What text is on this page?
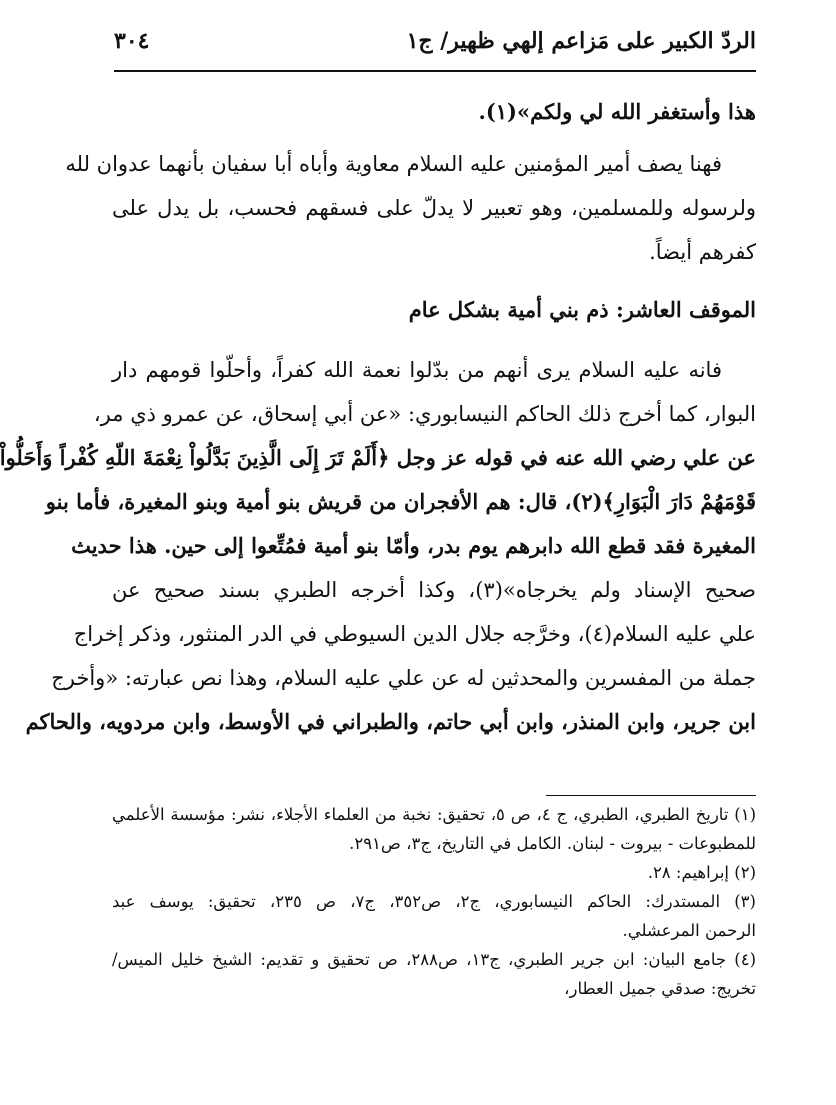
الردّ الكبير على مَزاعم إلهي ظهير/ ج١
٣٠٤
هذا وأستغفر الله لي ولكم»(١).
فهنا يصف أمير المؤمنين عليه السلام معاوية وأباه أبا سفيان بأنهما عدوان لله
ولرسوله وللمسلمين، وهو تعبير لا يدلّ على فسقهم فحسب، بل يدل على
كفرهم أيضاً.
الموقف العاشر: ذم بني أمية بشكل عام
فانه عليه السلام يرى أنهم من بدّلوا نعمة الله كفراً، وأحلّوا قومهم دار
البوار، كما أخرج ذلك الحاكم النيسابوري: «عن أبي إسحاق، عن عمرو ذي مر،
عن علي رضي الله عنه في قوله عز وجل ﴿أَلَمْ تَرَ إِلَى الَّذِينَ بَدَّلُواْ نِعْمَةَ اللّهِ كُفْراً وَأَحَلُّواْ
قَوْمَهُمْ دَارَ الْبَوَارِ﴾(٢)، قال: هم الأفجران من قريش بنو أمية وبنو المغيرة، فأما بنو
المغيرة فقد قطع الله دابرهم يوم بدر، وأمّا بنو أمية فمُتِّعوا إلى حين. هذا حديث
صحيح الإسناد ولم يخرجاه»(٣)، وكذا أخرجه الطبري بسند صحيح عن
علي عليه السلام(٤)، وخرَّجه جلال الدين السيوطي في الدر المنثور، وذكر إخراج
جملة من المفسرين والمحدثين له عن علي عليه السلام، وهذا نص عبارته: «وأخرج
ابن جرير، وابن المنذر، وابن أبي حاتم، والطبراني في الأوسط، وابن مردويه، والحاكم
(١) تاريخ الطبري، الطبري، ج ٤، ص ٥، تحقيق: نخبة من العلماء الأجلاء، نشر: مؤسسة الأعلمي
للمطبوعات - بيروت - لبنان. الكامل في التاريخ، ج٣، ص٢٩١.
(٢) إبراهيم: ٢٨.
(٣) المستدرك: الحاكم النيسابوري، ج٢، ص٣٥٢، ج٧، ص ٢٣٥، تحقيق: يوسف عبد
الرحمن المرعشلي.
(٤) جامع البيان: ابن جرير الطبري، ج١٣، ص٢٨٨، ص تحقيق و تقديم: الشيخ خليل الميس/
تخريج: صدقي جميل العطار،
